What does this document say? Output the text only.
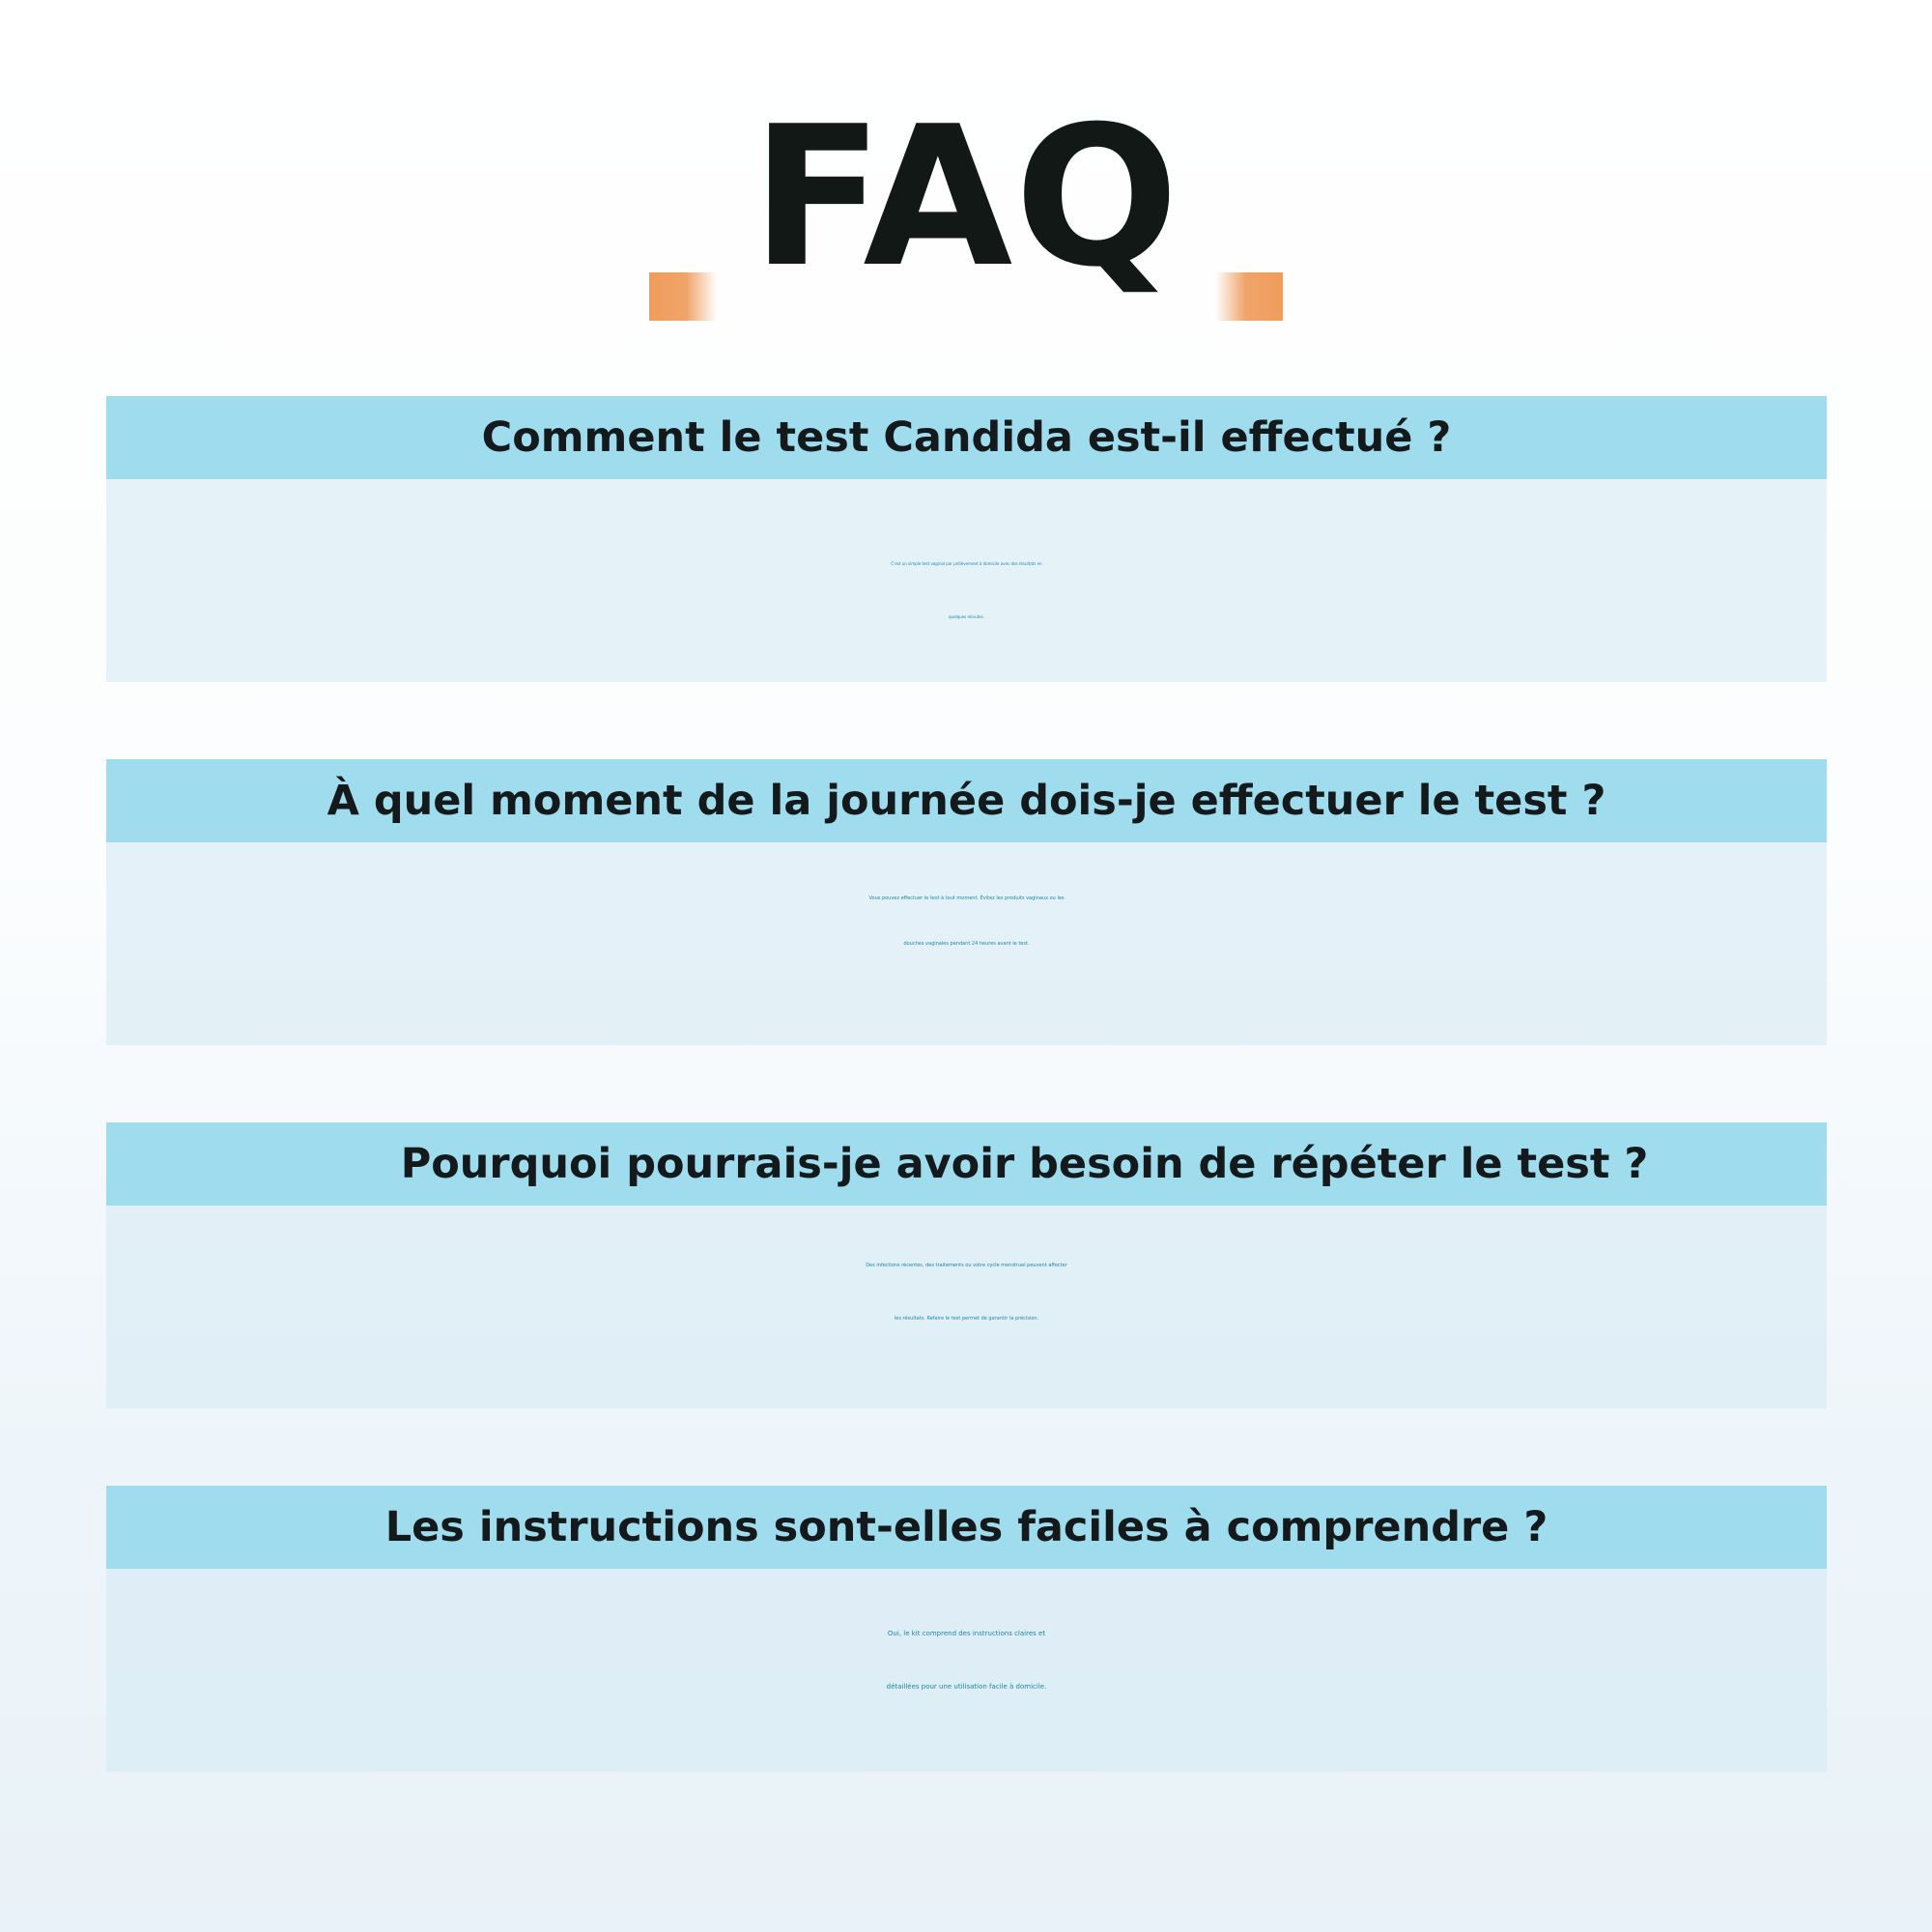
FAQ
Comment le test Candida est-il effectué ?
C'est un simple test vaginal par prélèvement à domicile avec des résultats en
quelques minutes.
À quel moment de la journée dois-je effectuer le test ?
Vous pouvez effectuer le test à tout moment. Évitez les produits vaginaux ou les
douches vaginales pendant 24 heures avant le test.
Pourquoi pourrais-je avoir besoin de répéter le test ?
Des infections récentes, des traitements ou votre cycle menstruel peuvent affecter
les résultats. Refaire le test permet de garantir la précision.
Les instructions sont-elles faciles à comprendre ?
Oui, le kit comprend des instructions claires et
détaillées pour une utilisation facile à domicile.
